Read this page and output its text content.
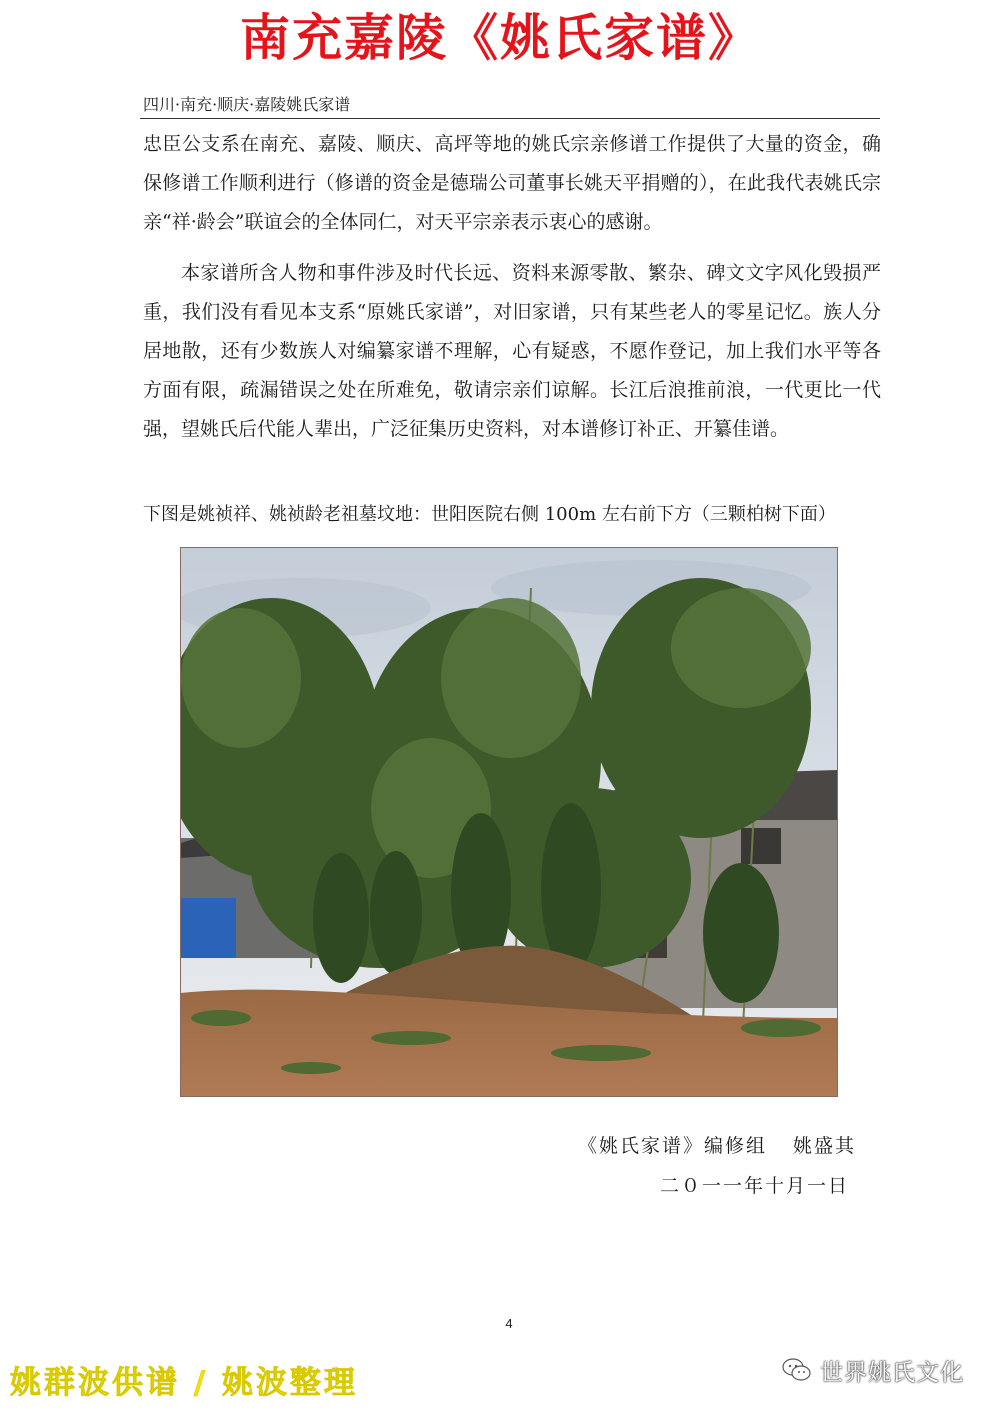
南充嘉陵《姚氏家谱》
四川·南充·顺庆·嘉陵姚氏家谱

忠臣公支系在南充、嘉陵、顺庆、高坪等地的姚氏宗亲修谱工作提供了大量的资金，确保修谱工作顺利进行（修谱的资金是德瑞公司董事长姚天平捐赠的），在此我代表姚氏宗亲“祥·龄会”联谊会的全体同仁，对天平宗亲表示衷心的感谢。

本家谱所含人物和事件涉及时代长远、资料来源零散、繁杂、碑文文字风化毁损严重，我们没有看见本支系“原姚氏家谱”，对旧家谱，只有某些老人的零星记忆。族人分居地散，还有少数族人对编纂家谱不理解，心有疑惑，不愿作登记，加上我们水平等各方面有限，疏漏错误之处在所难免，敬请宗亲们谅解。长江后浪推前浪，一代更比一代强，望姚氏后代能人辈出，广泛征集历史资料，对本谱修订补正、开纂佳谱。

下图是姚祯祥、姚祯龄老祖墓坟地：世阳医院右侧 100m 左右前下方（三颗柏树下面）

《姚氏家谱》编修组 姚盛其
二０一一年十月一日
4
姚群波供谱 / 姚波整理	世界姚氏文化
